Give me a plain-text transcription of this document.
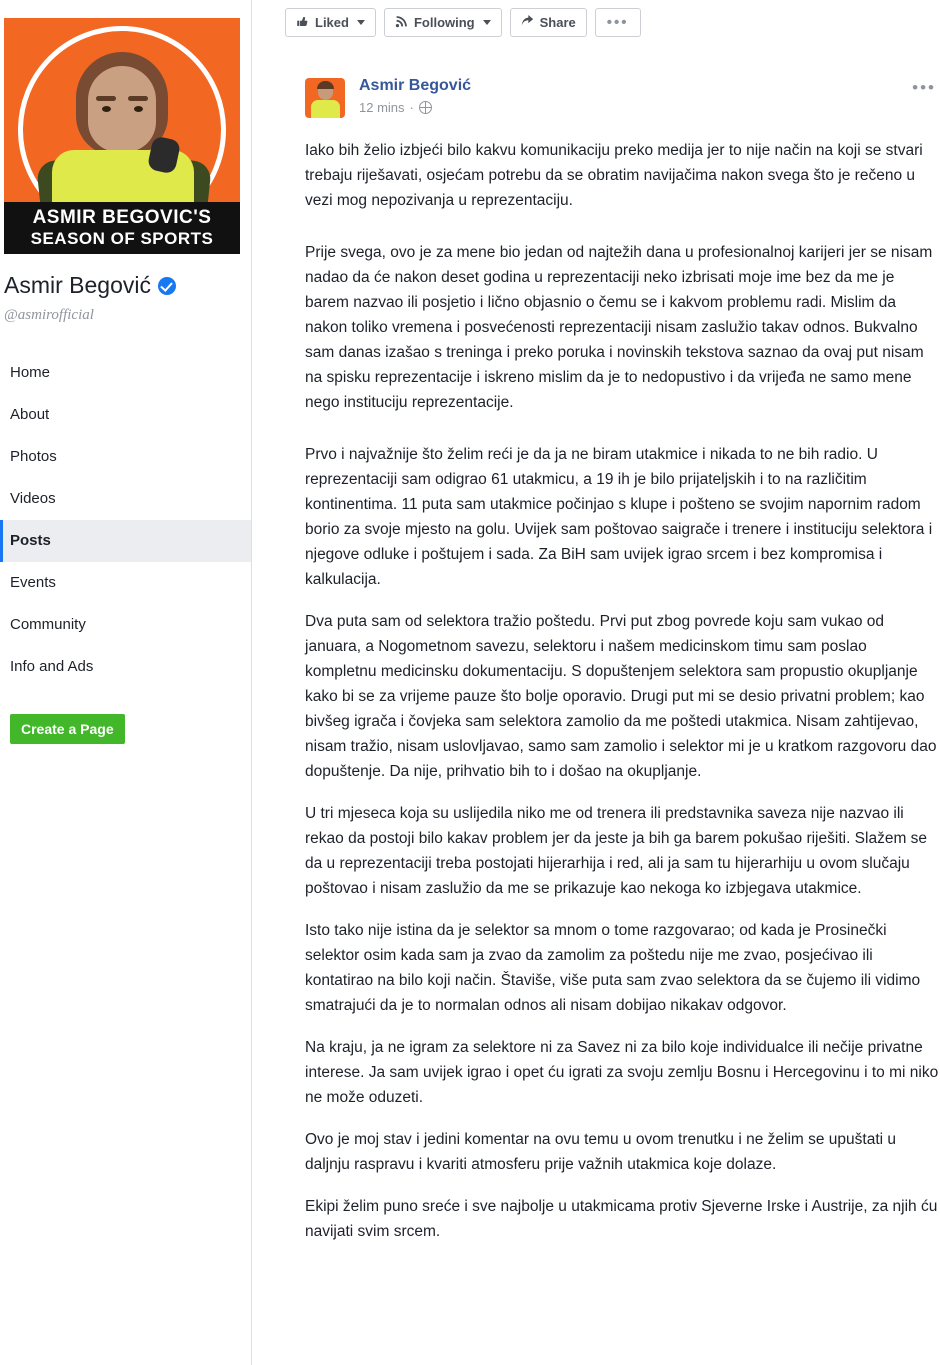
ASMIR BEGOVIC'S
SEASON OF SPORTS
Asmir Begović
@asmirofficial
Home
About
Photos
Videos
Posts
Events
Community
Info and Ads
Create a Page
Liked	Following	Share	•••
Asmir Begović
12 mins ·
•••

Iako bih želio izbjeći bilo kakvu komunikaciju preko medija jer to nije način na koji se stvari trebaju riješavati, osjećam potrebu da se obratim navijačima nakon svega što je rečeno u vezi mog nepozivanja u reprezentaciju.

Prije svega, ovo je za mene bio jedan od najtežih dana u profesionalnoj karijeri jer se nisam nadao da će nakon deset godina u reprezentaciji neko izbrisati moje ime bez da me je barem nazvao ili posjetio i lično objasnio o čemu se i kakvom problemu radi. Mislim da nakon toliko vremena i posvećenosti reprezentaciji nisam zaslužio takav odnos. Bukvalno sam danas izašao s treninga i preko poruka i novinskih tekstova saznao da ovaj put nisam na spisku reprezentacije i iskreno mislim da je to nedopustivo i da vrijeđa ne samo mene nego instituciju reprezentacije.

Prvo i najvažnije što želim reći je da ja ne biram utakmice i nikada to ne bih radio. U reprezentaciji sam odigrao 61 utakmicu, a 19 ih je bilo prijateljskih i to na različitim kontinentima. 11 puta sam utakmice počinjao s klupe i pošteno se svojim napornim radom borio za svoje mjesto na golu. Uvijek sam poštovao saigrače i trenere i instituciju selektora i njegove odluke i poštujem i sada. Za BiH sam uvijek igrao srcem i bez kompromisa i kalkulacija.

Dva puta sam od selektora tražio poštedu. Prvi put zbog povrede koju sam vukao od januara, a Nogometnom savezu, selektoru i našem medicinskom timu sam poslao kompletnu medicinsku dokumentaciju. S dopuštenjem selektora sam propustio okupljanje kako bi se za vrijeme pauze što bolje oporavio. Drugi put mi se desio privatni problem; kao bivšeg igrača i čovjeka sam selektora zamolio da me poštedi utakmica. Nisam zahtijevao, nisam tražio, nisam uslovljavao, samo sam zamolio i selektor mi je u kratkom razgovoru dao dopuštenje. Da nije, prihvatio bih to i došao na okupljanje.

U tri mjeseca koja su uslijedila niko me od trenera ili predstavnika saveza nije nazvao ili rekao da postoji bilo kakav problem jer da jeste ja bih ga barem pokušao riješiti. Slažem se da u reprezentaciji treba postojati hijerarhija i red, ali ja sam tu hijerarhiju u ovom slučaju poštovao i nisam zaslužio da me se prikazuje kao nekoga ko izbjegava utakmice.

Isto tako nije istina da je selektor sa mnom o tome razgovarao; od kada je Prosinečki selektor osim kada sam ja zvao da zamolim za poštedu nije me zvao, posjećivao ili kontatirao na bilo koji način. Štaviše, više puta sam zvao selektora da se čujemo ili vidimo smatrajući da je to normalan odnos ali nisam dobijao nikakav odgovor.

Na kraju, ja ne igram za selektore ni za Savez ni za bilo koje individualce ili nečije privatne interese. Ja sam uvijek igrao i opet ću igrati za svoju zemlju Bosnu i Hercegovinu i to mi niko ne može oduzeti.

Ovo je moj stav i jedini komentar na ovu temu u ovom trenutku i ne želim se upuštati u daljnju raspravu i kvariti atmosferu prije važnih utakmica koje dolaze.

Ekipi želim puno sreće i sve najbolje u utakmicama protiv Sjeverne Irske i Austrije, za njih ću navijati svim srcem.
